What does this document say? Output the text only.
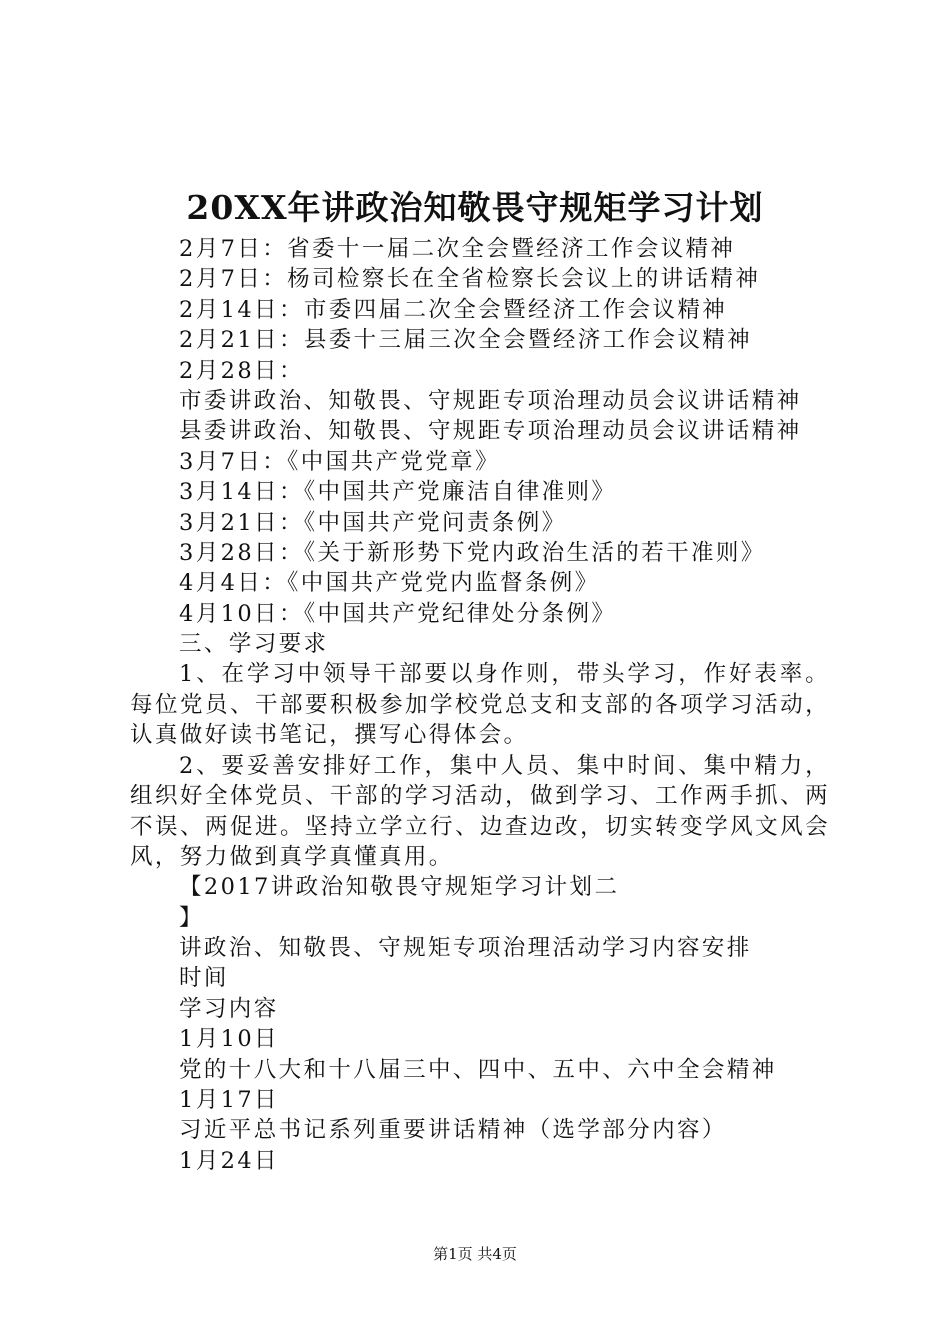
20XX年讲政治知敬畏守规矩学习计划
2月7日：省委十一届二次全会暨经济工作会议精神
2月7日：杨司检察长在全省检察长会议上的讲话精神
2月14日：市委四届二次全会暨经济工作会议精神
2月21日：县委十三届三次全会暨经济工作会议精神
2月28日：
市委讲政治、知敬畏、守规距专项治理动员会议讲话精神
县委讲政治、知敬畏、守规距专项治理动员会议讲话精神
3月7日：《中国共产党党章》
3月14日：《中国共产党廉洁自律准则》
3月21日：《中国共产党问责条例》
3月28日：《关于新形势下党内政治生活的若干准则》
4月4日：《中国共产党党内监督条例》
4月10日：《中国共产党纪律处分条例》
三、学习要求
1、在学习中领导干部要以身作则，带头学习，作好表率。每位党员、干部要积极参加学校党总支和支部的各项学习活动，认真做好读书笔记，撰写心得体会。
2、要妥善安排好工作，集中人员、集中时间、集中精力，组织好全体党员、干部的学习活动，做到学习、工作两手抓、两不误、两促进。坚持立学立行、边查边改，切实转变学风文风会风，努力做到真学真懂真用。
【2017讲政治知敬畏守规矩学习计划二
】
讲政治、知敬畏、守规矩专项治理活动学习内容安排
时间
学习内容
1月10日
党的十八大和十八届三中、四中、五中、六中全会精神
1月17日
习近平总书记系列重要讲话精神（选学部分内容）
1月24日
第1页 共4页
